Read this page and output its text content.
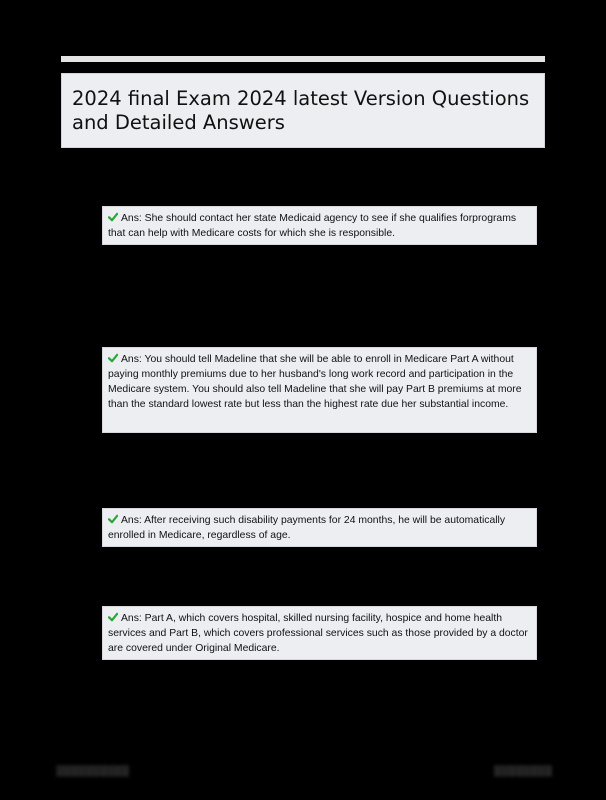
2024 final Exam 2024 latest Version Questions and Detailed Answers
Ans: She should contact her state Medicaid agency to see if she qualifies forprograms that can help with Medicare costs for which she is responsible.
Ans: You should tell Madeline that she will be able to enroll in Medicare Part A without paying monthly premiums due to her husband's long work record and participation in the Medicare system. You should also tell Madeline that she will pay Part B premiums at more than the standard lowest rate but less than the highest rate due her substantial income.
Ans: After receiving such disability payments for 24 months, he will be automatically enrolled in Medicare, regardless of age.
Ans: Part A, which covers hospital, skilled nursing facility, hospice and home health services and Part B, which covers professional services such as those provided by a doctor are covered under Original Medicare.
░░░░░░░░░░	░░░░░░░░
